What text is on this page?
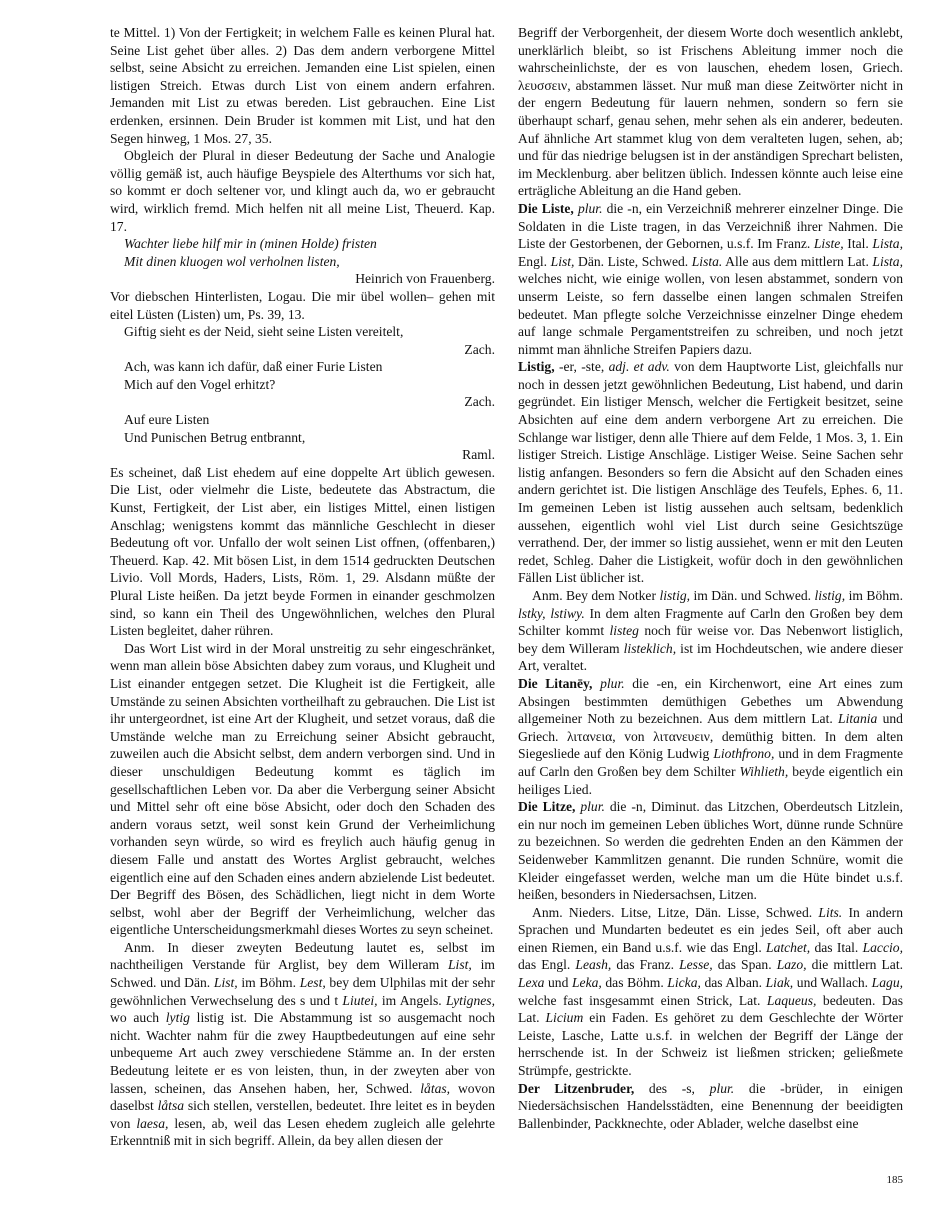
te Mittel. 1) Von der Fertigkeit; in welchem Falle es keinen Plural hat. Seine List gehet über alles. 2) Das dem andern verborgene Mittel selbst, seine Absicht zu erreichen. Jemanden eine List spielen, einen listigen Streich. Etwas durch List von einem andern erfahren. Jemanden mit List zu etwas bereden. List gebrauchen. Eine List erdenken, ersinnen. Dein Bruder ist kommen mit List, und hat den Segen hinweg, 1 Mos. 27, 35.

Obgleich der Plural in dieser Bedeutung der Sache und Analogie völlig gemäß ist, auch häufige Beyspiele des Alterthums vor sich hat, so kommt er doch seltener vor, und klingt auch da, wo er gebraucht wird, wirklich fremd. Mich helfen nit all meine List, Theuerd. Kap. 17.

Wachter liebe hilf mir in (minen Holde) fristen

Mit dinen kluogen wol verholnen listen,

Heinrich von Frauenberg.

Vor diebschen Hinterlisten, Logau. Die mir übel wollen– gehen mit eitel Lüsten (Listen) um, Ps. 39, 13.

Giftig sieht es der Neid, sieht seine Listen vereitelt,

Zach.

Ach, was kann ich dafür, daß einer Furie Listen

Mich auf den Vogel erhitzt?

Zach.

Auf eure Listen

Und Punischen Betrug entbrannt,

Raml.

Es scheinet, daß List ehedem auf eine doppelte Art üblich gewesen. Die List, oder vielmehr die Liste, bedeutete das Abstractum, die Kunst, Fertigkeit, der List aber, ein listiges Mittel, einen listigen Anschlag; wenigstens kommt das männliche Geschlecht in dieser Bedeutung oft vor. Unfallo der wolt seinen List offnen, (offenbaren,) Theuerd. Kap. 42. Mit bösen List, in dem 1514 gedruckten Deutschen Livio. Voll Mords, Haders, Lists, Röm. 1, 29. Alsdann müßte der Plural Liste heißen. Da jetzt beyde Formen in einander geschmolzen sind, so kann ein Theil des Ungewöhnlichen, welches den Plural Listen begleitet, daher rühren.

Das Wort List wird in der Moral unstreitig zu sehr eingeschränket, wenn man allein böse Absichten dabey zum voraus, und Klugheit und List einander entgegen setzet. Die Klugheit ist die Fertigkeit, alle Umstände zu seinen Absichten vortheilhaft zu gebrauchen. Die List ist ihr untergeordnet, ist eine Art der Klugheit, und setzet voraus, daß die Umstände welche man zu Erreichung seiner Absicht gebraucht, zuweilen auch die Absicht selbst, dem andern verborgen sind. Und in dieser unschuldigen Bedeutung kommt es täglich im gesellschaftlichen Leben vor. Da aber die Verbergung seiner Absicht und Mittel sehr oft eine böse Absicht, oder doch den Schaden des andern voraus setzt, weil sonst kein Grund der Verheimlichung vorhanden seyn würde, so wird es freylich auch häufig genug in diesem Falle und anstatt des Wortes Arglist gebraucht, welches eigentlich eine auf den Schaden eines andern abzielende List bedeutet. Der Begriff des Bösen, des Schädlichen, liegt nicht in dem Worte selbst, wohl aber der Begriff der Verheimlichung, welcher das eigentliche Unterscheidungsmerkmahl dieses Wortes zu seyn scheinet.

Anm. In dieser zweyten Bedeutung lautet es, selbst im nachtheiligen Verstande für Arglist, bey dem Willeram List, im Schwed. und Dän. List, im Böhm. Lest, bey dem Ulphilas mit der sehr gewöhnlichen Verwechselung des s und t Liutei, im Angels. Lytignes, wo auch lytig listig ist. Die Abstammung ist so ausgemacht noch nicht. Wachter nahm für die zwey Hauptbedeutungen auf eine sehr unbequeme Art auch zwey verschiedene Stämme an. In der ersten Bedeutung leitete er es von leisten, thun, in der zweyten aber von lassen, scheinen, das Ansehen haben, her, Schwed. låtas, wovon daselbst låtsa sich stellen, verstellen, bedeutet. Ihre leitet es in beyden von laesa, lesen, ab, weil das Lesen ehedem zugleich alle gelehrte Erkenntniß mit in sich begriff. Allein, da bey allen diesen der

Begriff der Verborgenheit, der diesem Worte doch wesentlich anklebt, unerklärlich bleibt, so ist Frischens Ableitung immer noch die wahrscheinlichste, der es von lauschen, ehedem losen, Griech. λευσσειν, abstammen lässet. Nur muß man diese Zeitwörter nicht in der engern Bedeutung für lauern nehmen, sondern so fern sie überhaupt scharf, genau sehen, mehr sehen als ein anderer, bedeuten. Auf ähnliche Art stammet klug von dem veralteten lugen, sehen, ab; und für das niedrige belugsen ist in der anständigen Sprechart belisten, im Mecklenburg. aber belitzen üblich. Indessen könnte auch leise eine erträgliche Ableitung an die Hand geben.

Die Liste, plur. die -n, ein Verzeichniß mehrerer einzelner Dinge. Die Soldaten in die Liste tragen, in das Verzeichniß ihrer Nahmen. Die Liste der Gestorbenen, der Gebornen, u.s.f. Im Franz. Liste, Ital. Lista, Engl. List, Dän. Liste, Schwed. Lista. Alle aus dem mittlern Lat. Lista, welches nicht, wie einige wollen, von lesen abstammet, sondern von unserm Leiste, so fern dasselbe einen langen schmalen Streifen bedeutet. Man pflegte solche Verzeichnisse einzelner Dinge ehedem auf lange schmale Pergamentstreifen zu schreiben, und noch jetzt nimmt man ähnliche Streifen Papiers dazu.

Listig, -er, -ste, adj. et adv. von dem Hauptworte List, gleichfalls nur noch in dessen jetzt gewöhnlichen Bedeutung, List habend, und darin gegründet. Ein listiger Mensch, welcher die Fertigkeit besitzet, seine Absichten auf eine dem andern verborgene Art zu erreichen. Die Schlange war listiger, denn alle Thiere auf dem Felde, 1 Mos. 3, 1. Ein listiger Streich. Listige Anschläge. Listiger Weise. Seine Sachen sehr listig anfangen. Besonders so fern die Absicht auf den Schaden eines andern gerichtet ist. Die listigen Anschläge des Teufels, Ephes. 6, 11. Im gemeinen Leben ist listig aussehen auch seltsam, bedenklich aussehen, eigentlich wohl viel List durch seine Gesichtszüge verrathend. Der, der immer so listig aussiehet, wenn er mit den Leuten redet, Schleg. Daher die Listigkeit, wofür doch in den gewöhnlichen Fällen List üblicher ist.

Anm. Bey dem Notker listig, im Dän. und Schwed. listig, im Böhm. lstky, lstiwy. In dem alten Fragmente auf Carln den Großen bey dem Schilter kommt listeg noch für weise vor. Das Nebenwort listiglich, bey dem Willeram listeklich, ist im Hochdeutschen, wie andere dieser Art, veraltet.

Die Litanēy, plur. die -en, ein Kirchenwort, eine Art eines zum Absingen bestimmten demüthigen Gebethes um Abwendung allgemeiner Noth zu bezeichnen. Aus dem mittlern Lat. Litania und Griech. λιτανεια, von λιτανευειν, demüthig bitten. In dem alten Siegesliede auf den König Ludwig Liothfrono, und in dem Fragmente auf Carln den Großen bey dem Schilter Wihlieth, beyde eigentlich ein heiliges Lied.

Die Litze, plur. die -n, Diminut. das Litzchen, Oberdeutsch Litzlein, ein nur noch im gemeinen Leben übliches Wort, dünne runde Schnüre zu bezeichnen. So werden die gedrehten Enden an den Kämmen der Seidenweber Kammlitzen genannt. Die runden Schnüre, womit die Kleider eingefasset werden, welche man um die Hüte bindet u.s.f. heißen, besonders in Niedersachsen, Litzen.

Anm. Nieders. Litse, Litze, Dän. Lisse, Schwed. Lits. In andern Sprachen und Mundarten bedeutet es ein jedes Seil, oft aber auch einen Riemen, ein Band u.s.f. wie das Engl. Latchet, das Ital. Laccio, das Engl. Leash, das Franz. Lesse, das Span. Lazo, die mittlern Lat. Lexa und Leka, das Böhm. Licka, das Alban. Liak, und Wallach. Lagu, welche fast insgesammt einen Strick, Lat. Laqueus, bedeuten. Das Lat. Licium ein Faden. Es gehöret zu dem Geschlechte der Wörter Leiste, Lasche, Latte u.s.f. in welchen der Begriff der Länge der herrschende ist. In der Schweiz ist ließmen stricken; geließmete Strümpfe, gestrickte.

Der Litzenbruder, des -s, plur. die -brüder, in einigen Niedersächsischen Handelsstädten, eine Benennung der beeidigten Ballenbinder, Packknechte, oder Ablader, welche daselbst eine

185
